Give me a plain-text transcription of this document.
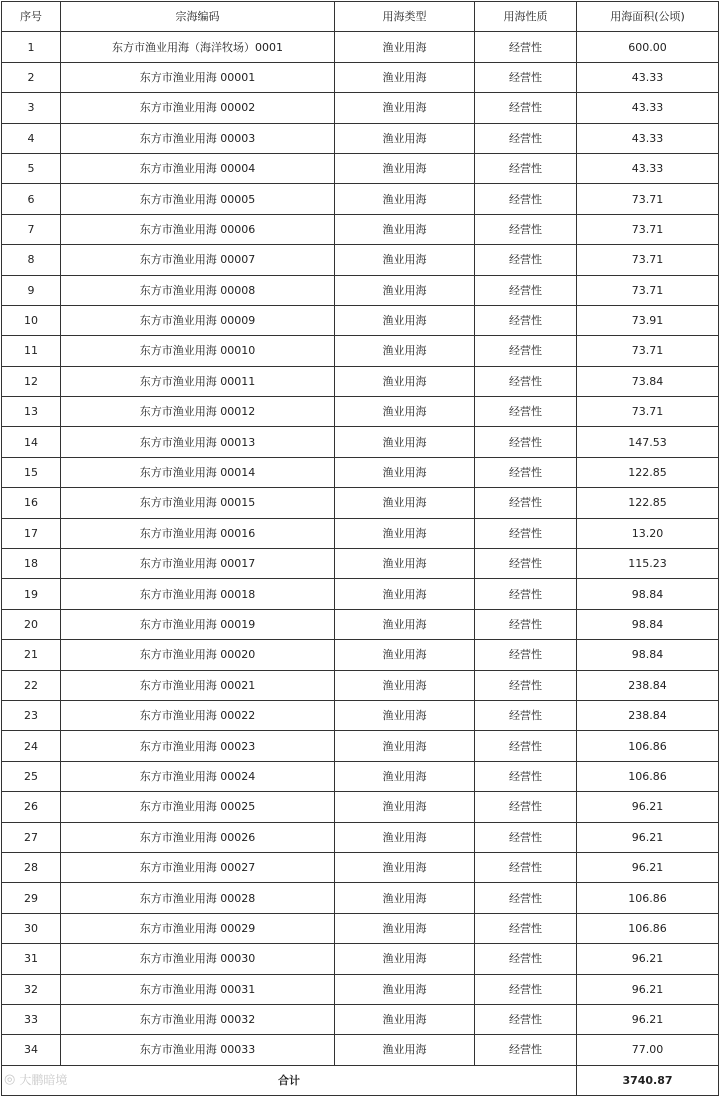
序号	宗海编码	用海类型	用海性质	用海面积(公顷)
1	东方市渔业用海（海洋牧场）0001	渔业用海	经营性	600.00
2	东方市渔业用海 00001	渔业用海	经营性	43.33
3	东方市渔业用海 00002	渔业用海	经营性	43.33
4	东方市渔业用海 00003	渔业用海	经营性	43.33
5	东方市渔业用海 00004	渔业用海	经营性	43.33
6	东方市渔业用海 00005	渔业用海	经营性	73.71
7	东方市渔业用海 00006	渔业用海	经营性	73.71
8	东方市渔业用海 00007	渔业用海	经营性	73.71
9	东方市渔业用海 00008	渔业用海	经营性	73.71
10	东方市渔业用海 00009	渔业用海	经营性	73.91
11	东方市渔业用海 00010	渔业用海	经营性	73.71
12	东方市渔业用海 00011	渔业用海	经营性	73.84
13	东方市渔业用海 00012	渔业用海	经营性	73.71
14	东方市渔业用海 00013	渔业用海	经营性	147.53
15	东方市渔业用海 00014	渔业用海	经营性	122.85
16	东方市渔业用海 00015	渔业用海	经营性	122.85
17	东方市渔业用海 00016	渔业用海	经营性	13.20
18	东方市渔业用海 00017	渔业用海	经营性	115.23
19	东方市渔业用海 00018	渔业用海	经营性	98.84
20	东方市渔业用海 00019	渔业用海	经营性	98.84
21	东方市渔业用海 00020	渔业用海	经营性	98.84
22	东方市渔业用海 00021	渔业用海	经营性	238.84
23	东方市渔业用海 00022	渔业用海	经营性	238.84
24	东方市渔业用海 00023	渔业用海	经营性	106.86
25	东方市渔业用海 00024	渔业用海	经营性	106.86
26	东方市渔业用海 00025	渔业用海	经营性	96.21
27	东方市渔业用海 00026	渔业用海	经营性	96.21
28	东方市渔业用海 00027	渔业用海	经营性	96.21
29	东方市渔业用海 00028	渔业用海	经营性	106.86
30	东方市渔业用海 00029	渔业用海	经营性	106.86
31	东方市渔业用海 00030	渔业用海	经营性	96.21
32	东方市渔业用海 00031	渔业用海	经营性	96.21
33	东方市渔业用海 00032	渔业用海	经营性	96.21
34	东方市渔业用海 00033	渔业用海	经营性	77.00
合计				3740.87
◎ 大鹏暗境
